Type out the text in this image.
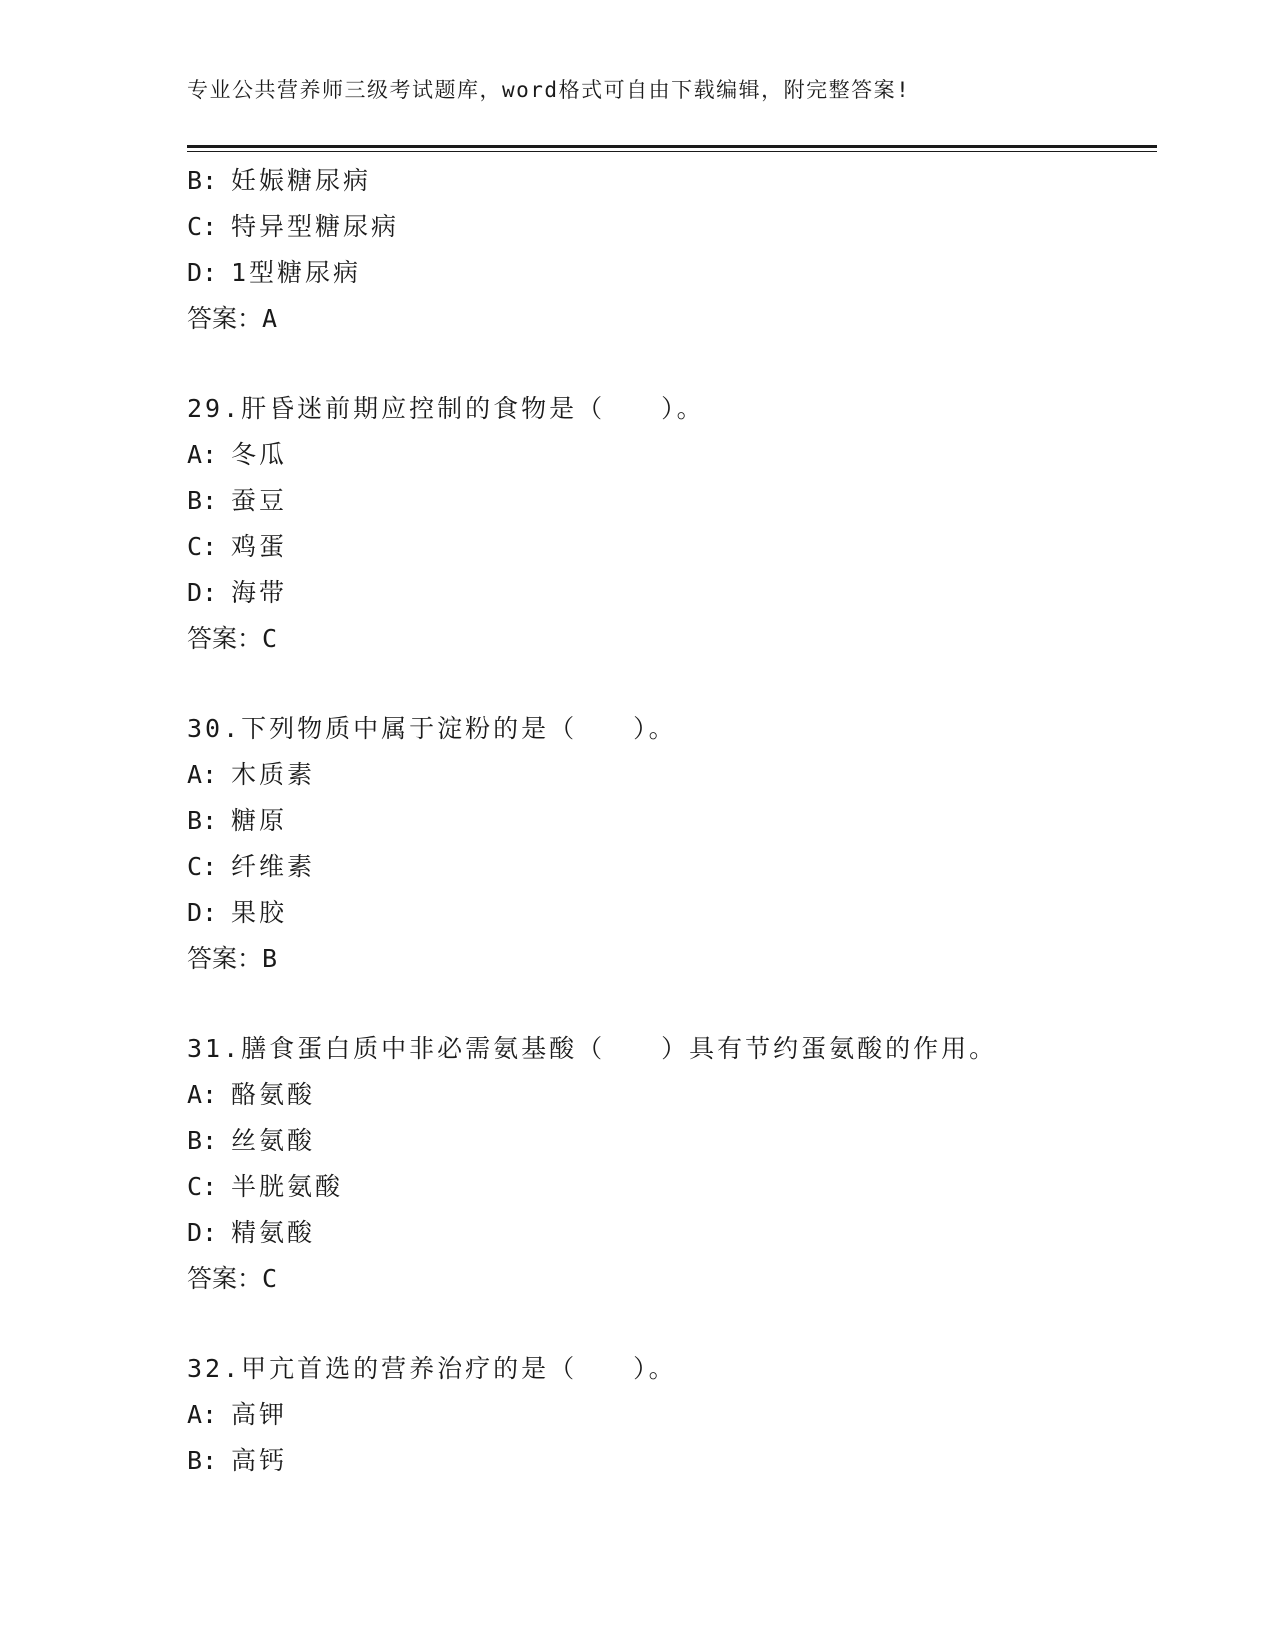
专业公共营养师三级考试题库，word格式可自由下载编辑，附完整答案!
B: 妊娠糖尿病
C: 特异型糖尿病
D: 1型糖尿病
答案：A
29.肝昏迷前期应控制的食物是（　　）。
A: 冬瓜
B: 蚕豆
C: 鸡蛋
D: 海带
答案：C
30.下列物质中属于淀粉的是（　　）。
A: 木质素
B: 糖原
C: 纤维素
D: 果胶
答案：B
31.膳食蛋白质中非必需氨基酸（　　）具有节约蛋氨酸的作用。
A: 酪氨酸
B: 丝氨酸
C: 半胱氨酸
D: 精氨酸
答案：C
32.甲亢首选的营养治疗的是（　　）。
A: 高钾
B: 高钙
